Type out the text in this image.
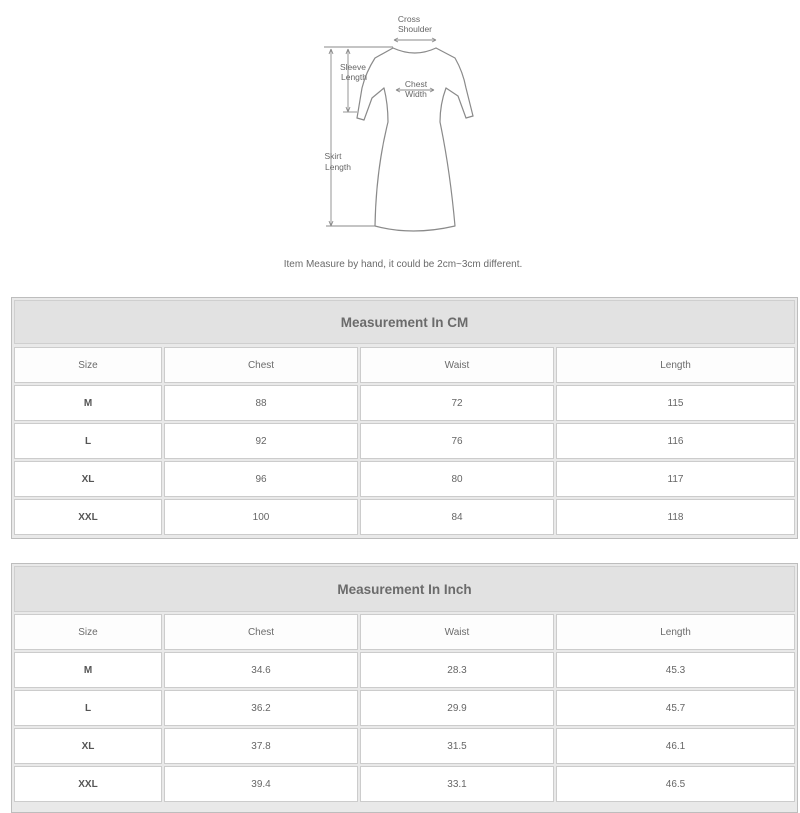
Cross
Shoulder
Sleeve
Length
Chest
Width
Skirt
Length
Item Measure by hand, it could be 2cm~3cm different.
Measurement In CM
Size	Chest	Waist	Length
M	88	72	115
L	92	76	116
XL	96	80	117
XXL	100	84	118
Measurement In Inch
Size	Chest	Waist	Length
M	34.6	28.3	45.3
L	36.2	29.9	45.7
XL	37.8	31.5	46.1
XXL	39.4	33.1	46.5
